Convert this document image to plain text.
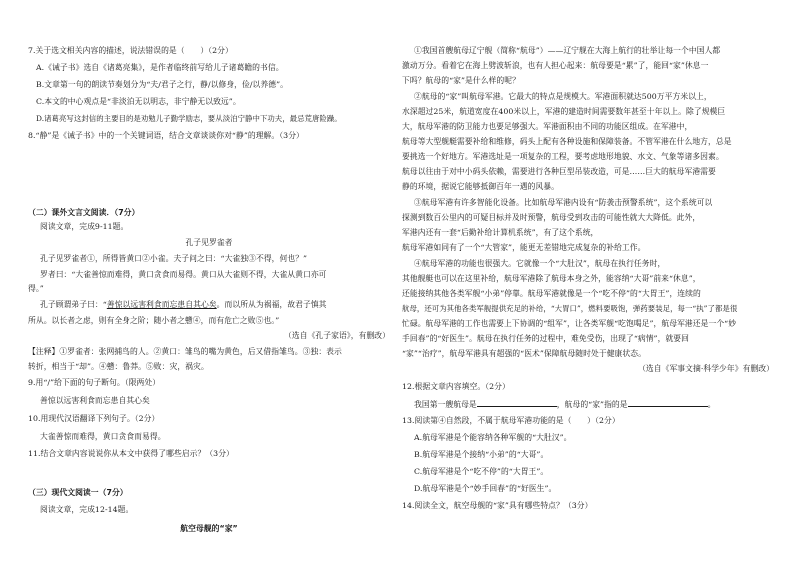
7.关于选文相关内容的描述，说法错误的是（　　）（2分）
A.《诫子书》选自《诸葛亮集》，是作者临终前写给儿子诸葛瞻的书信。
B.文章第一句的朗读节奏划分为“夫/君子之行，静/以修身，俭/以养德”。
C.本文的中心观点是“非淡泊无以明志，非宁静无以致远”。
D.诸葛亮写这封信的主要目的是劝勉儿子勤学励志，要从淡泊宁静中下功夫，最忌荒唐险躁。
8.“静”是《诫子书》中的一个关键词语，结合文章谈谈你对“静”的理解。（3分）
（二）课外文言文阅读．（7分）
阅读文章，完成9-11题。
孔子见罗雀者
孔子见罗雀者①，所得皆黄口②小雀。夫子问之曰：“大雀独③不得，何也？”
罗者曰：“大雀善惊而难得，黄口贪食而易得。黄口从大雀则不得，大雀从黄口亦可
得。”
孔子顾谓弟子曰：“善惊以远害利食而忘患自其心矣。而以所从为祸福，故君子慎其
所从。以长者之虑，则有全身之阶；随小者之戆④，而有危亡之败⑤也。”
（选自《孔子家语》，有删改）
【注释】①罗雀者：张网捕鸟的人。②黄口：雏鸟的嘴为黄色，后又借指雏鸟。③独：表示
转折，相当于“却”。④戆：鲁莽。⑤败：灾，祸灾。
9.用“/”给下面的句子断句。（限两处）
善惊以远害利食而忘患自其心矣
10.用现代汉语翻译下列句子。（2分）
大雀善惊而难得，黄口贪食而易得。
11.结合文章内容说说你从本文中获得了哪些启示？（3分）
（三）现代文阅读一（7分）
阅读文章，完成12-14题。
航空母舰的“家”
①我国首艘航母辽宁舰（简称“航母”）——辽宁舰在大海上航行的壮举让每一个中国人都
激动万分。看着它在海上劈波斩浪，也有人担心起来：航母要是“累”了，能回“家”休息一
下吗？航母的“家”是什么样的呢？
②航母的“家”叫航母军港。它最大的特点是规模大。军港面积就达500万平方米以上，
水深超过25米，航道宽度在400米以上，军港的建造时间需要数年甚至十年以上。除了规模巨
大，航母军港的防卫能力也要足够强大。军港面积由不同的功能区组成。在军港中，
航母等大型舰艇需要补给和维修，码头上配有各种设施和保障装备。不管军港在什么地方，总是
要挑选一个好地方。军港选址是一项复杂的工程，要考虑地形地貌、水文、气象等诸多因素。
航母以往由于对中小码头依赖，需要进行各种巨型吊装改造，可是……巨大的航母军港需要
静的环境，据说它能够抵御百年一遇的风暴。
③航母军港有许多智能化设备。比如航母军港内设有“防袭击预警系统”，这个系统可以
探测到数百公里内的可疑目标并及时预警，航母受到攻击的可能性就大大降低。此外，
军港内还有一套“后勤补给计算机系统”，有了这个系统，
航母军港如同有了一个“大管家”，能更无差错地完成复杂的补给工作。
④航母军港的功能也很强大。它就像一个“大肚汉”，航母在执行任务时，
其他舰艇也可以在这里补给，航母军港除了航母本身之外，能容纳“大哥”前来“休息”，
还能接纳其他各类军舰“小弟”停靠。航母军港就像是一个“吃不停”的“大胃王”，连续的
航母，还可为其他各类军舰提供充足的补给，“大胃口”，燃料要吸饱，弹药要装足，每一“执”了都是很
忙碌。航母军港的工作也需要上下协调的“组军”，让各类军舰“吃饱喝足”，航母军港还是一个“妙
手回春”的“好医生”。航母在执行任务的过程中，难免受伤，出现了“病情”，就要回
“家”“治疗”，航母军港具有超强的“医术”保障航母随时处于健康状态。
（选自《军事文摘·科学少年》有删改）
12.根据文章内容填空。（2分）
我国第一艘航母是	，航母的“家”指的是	。
13.阅读第④自然段，不属于航母军港功能的是（　　）（2分）
A.航母军港是个能容纳各种军舰的“大肚汉”。
B.航母军港是个接纳“小弟”的“大哥”。
C.航母军港是个“吃不停”的“大胃王”。
D.航母军港是个“妙手回春”的“好医生”。
14.阅读全文，航空母舰的“家”具有哪些特点？（3分）
